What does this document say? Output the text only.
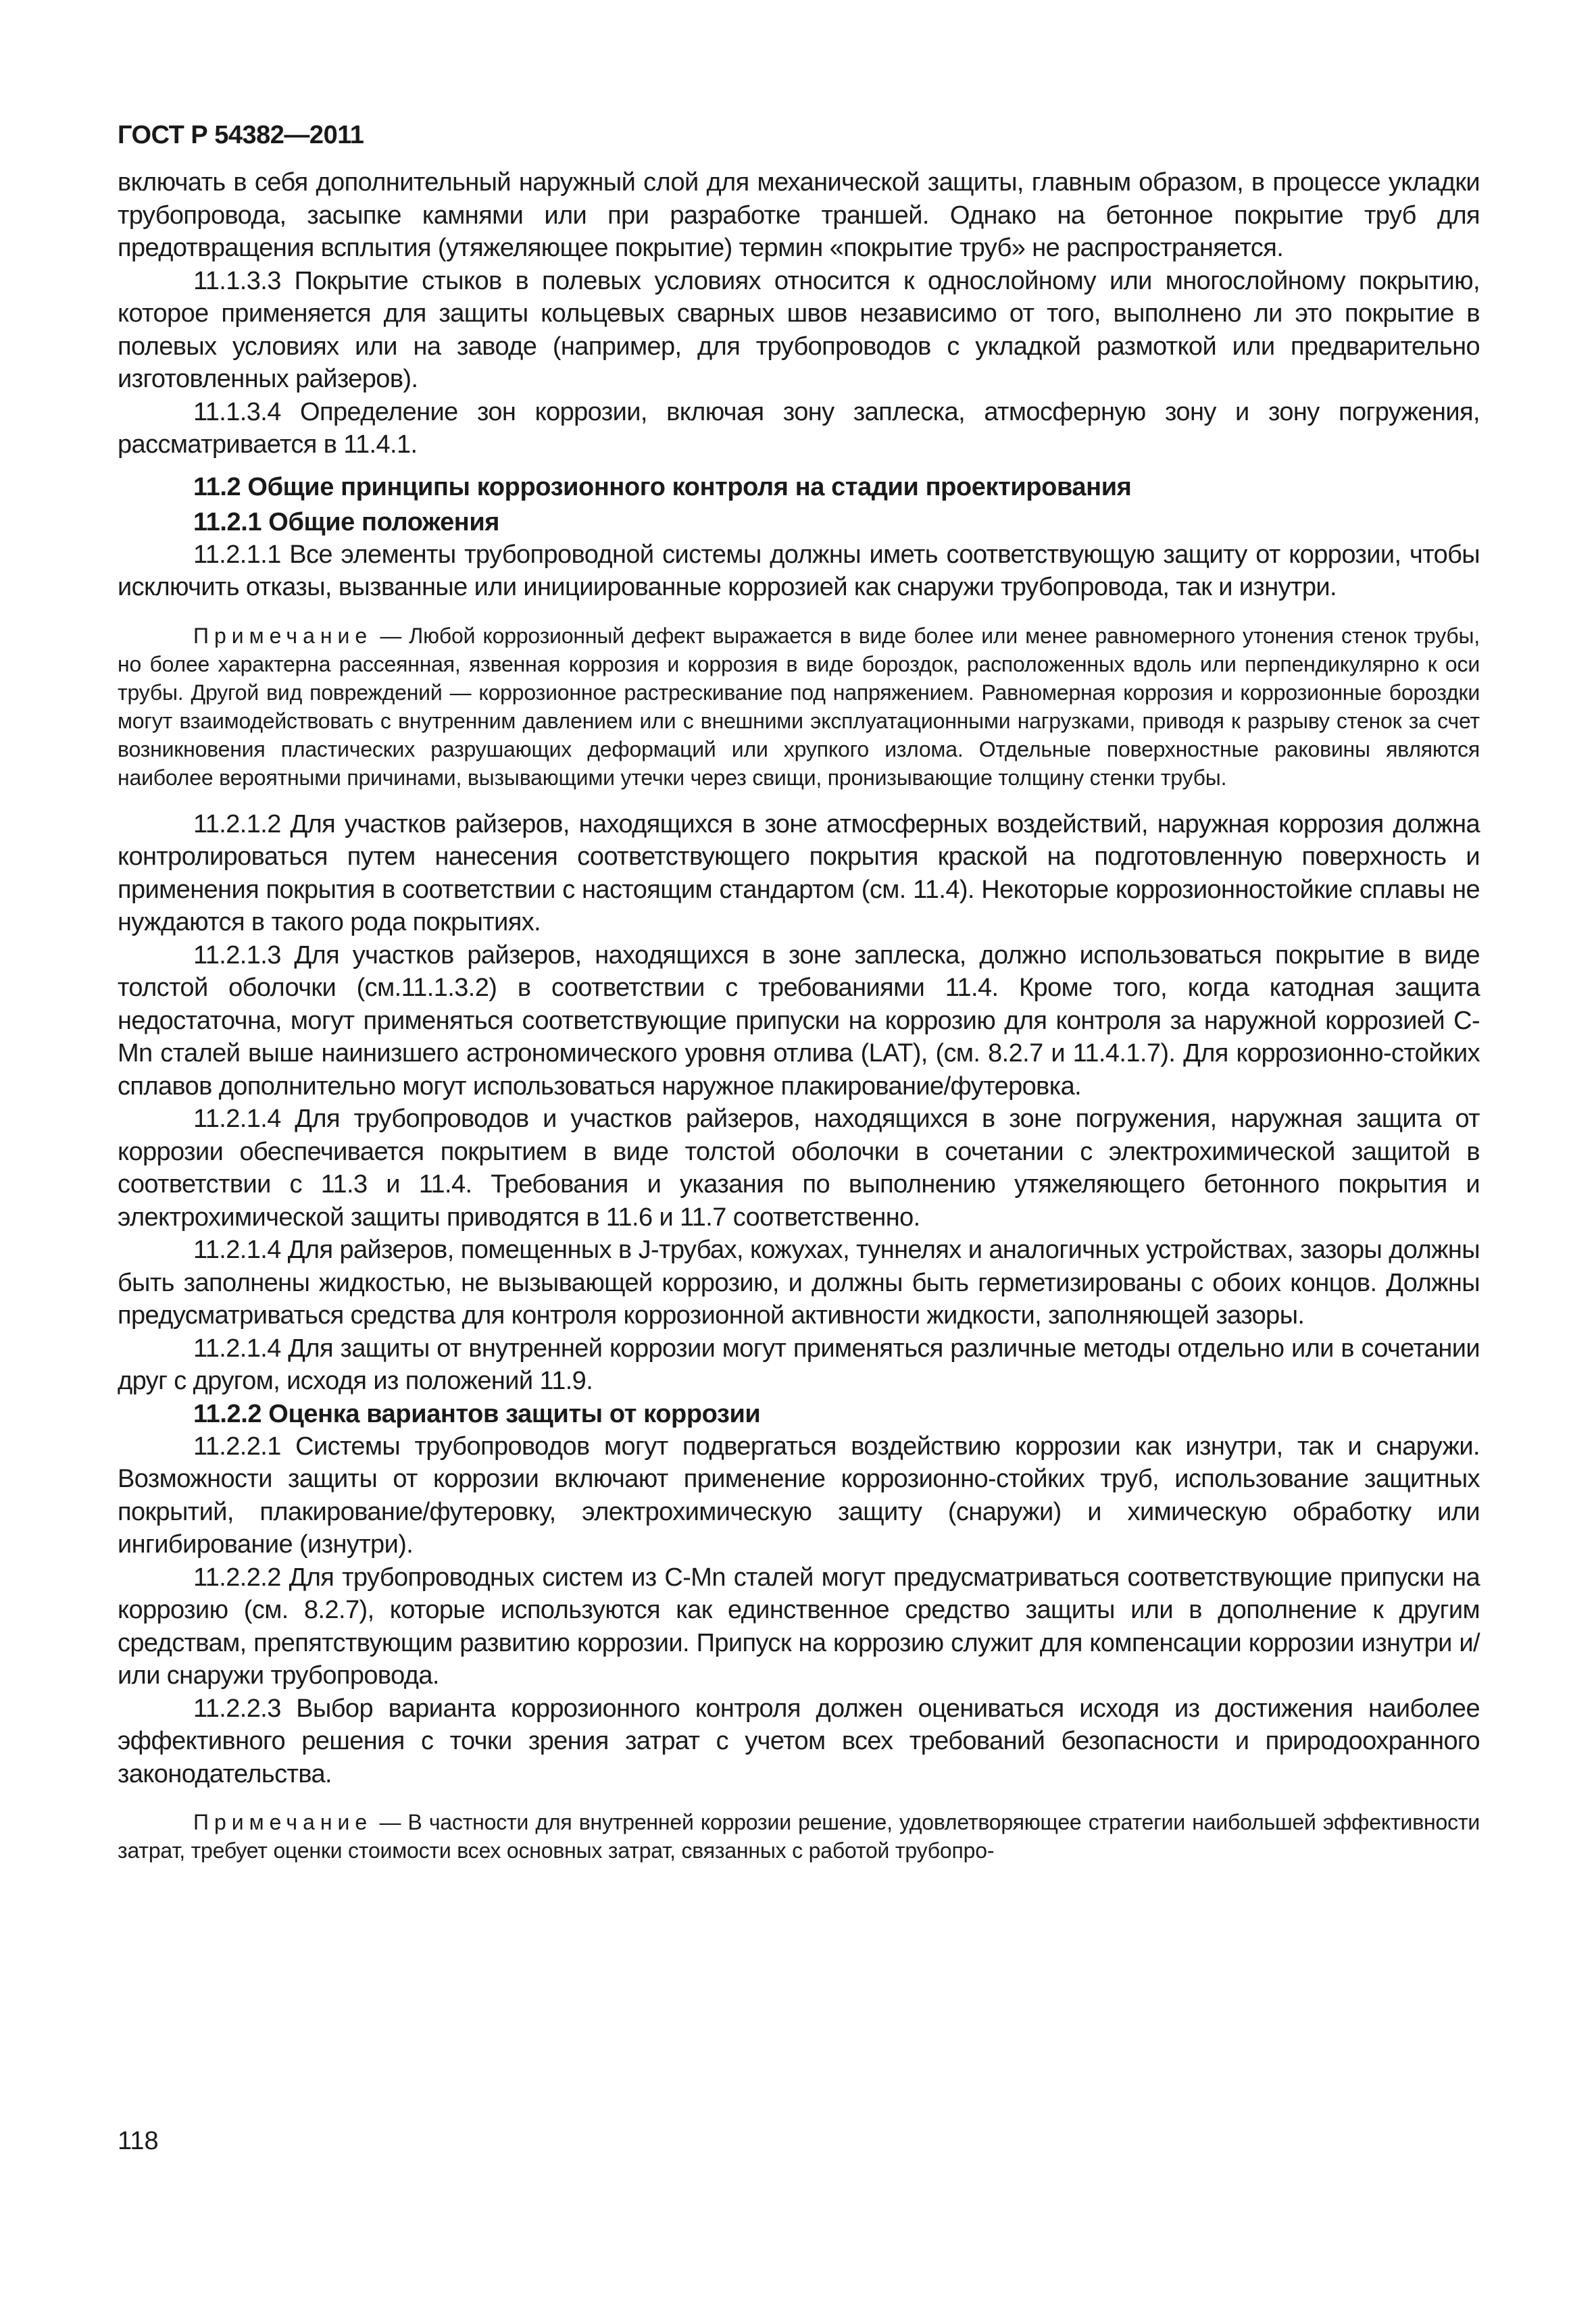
ГОСТ Р 54382—2011

включать в себя дополнительный наружный слой для механической защиты, главным образом, в процессе укладки трубопровода, засыпке камнями или при разработке траншей. Однако на бетонное покрытие труб для предотвращения всплытия (утяжеляющее покрытие) термин «покрытие труб» не распространяется.

11.1.3.3 Покрытие стыков в полевых условиях относится к однослойному или многослойному покрытию, которое применяется для защиты кольцевых сварных швов независимо от того, выполнено ли это покрытие в полевых условиях или на заводе (например, для трубопроводов с укладкой размоткой или предварительно изготовленных райзеров).

11.1.3.4 Определение зон коррозии, включая зону заплеска, атмосферную зону и зону погружения, рассматривается в 11.4.1.

11.2 Общие принципы коррозионного контроля на стадии проектирования
11.2.1 Общие положения

11.2.1.1 Все элементы трубопроводной системы должны иметь соответствующую защиту от коррозии, чтобы исключить отказы, вызванные или инициированные коррозией как снаружи трубопровода, так и изнутри.

Примечание — Любой коррозионный дефект выражается в виде более или менее равномерного утонения стенок трубы, но более характерна рассеянная, язвенная коррозия и коррозия в виде бороздок, расположенных вдоль или перпендикулярно к оси трубы. Другой вид повреждений — коррозионное растрескивание под напряжением. Равномерная коррозия и коррозионные бороздки могут взаимодействовать с внутренним давлением или с внешними эксплуатационными нагрузками, приводя к разрыву стенок за счет возникновения пластических разрушающих деформаций или хрупкого излома. Отдельные поверхностные раковины являются наиболее вероятными причинами, вызывающими утечки через свищи, пронизывающие толщину стенки трубы.

11.2.1.2 Для участков райзеров, находящихся в зоне атмосферных воздействий, наружная коррозия должна контролироваться путем нанесения соответствующего покрытия краской на подготовленную поверхность и применения покрытия в соответствии с настоящим стандартом (см. 11.4). Некоторые коррозионностойкие сплавы не нуждаются в такого рода покрытиях.

11.2.1.3 Для участков райзеров, находящихся в зоне заплеска, должно использоваться покрытие в виде толстой оболочки (см.11.1.3.2) в соответствии с требованиями 11.4. Кроме того, когда катодная защита недостаточна, могут применяться соответствующие припуски на коррозию для контроля за наружной коррозией C-Mn сталей выше наинизшего астрономического уровня отлива (LAT), (см. 8.2.7 и 11.4.1.7). Для коррозионно-стойких сплавов дополнительно могут использоваться наружное плакирование/футеровка.

11.2.1.4 Для трубопроводов и участков райзеров, находящихся в зоне погружения, наружная защита от коррозии обеспечивается покрытием в виде толстой оболочки в сочетании с электрохимической защитой в соответствии с 11.3 и 11.4. Требования и указания по выполнению утяжеляющего бетонного покрытия и электрохимической защиты приводятся в 11.6 и 11.7 соответственно.

11.2.1.4 Для райзеров, помещенных в J-трубах, кожухах, туннелях и аналогичных устройствах, зазоры должны быть заполнены жидкостью, не вызывающей коррозию, и должны быть герметизированы с обоих концов. Должны предусматриваться средства для контроля коррозионной активности жидкости, заполняющей зазоры.

11.2.1.4 Для защиты от внутренней коррозии могут применяться различные методы отдельно или в сочетании друг с другом, исходя из положений 11.9.

11.2.2 Оценка вариантов защиты от коррозии

11.2.2.1 Системы трубопроводов могут подвергаться воздействию коррозии как изнутри, так и снаружи. Возможности защиты от коррозии включают применение коррозионно-стойких труб, использование защитных покрытий, плакирование/футеровку, электрохимическую защиту (снаружи) и химическую обработку или ингибирование (изнутри).

11.2.2.2 Для трубопроводных систем из C-Mn сталей могут предусматриваться соответствующие припуски на коррозию (см. 8.2.7), которые используются как единственное средство защиты или в дополнение к другим средствам, препятствующим развитию коррозии. Припуск на коррозию служит для компенсации коррозии изнутри и/или снаружи трубопровода.

11.2.2.3 Выбор варианта коррозионного контроля должен оцениваться исходя из достижения наиболее эффективного решения с точки зрения затрат с учетом всех требований безопасности и природоохранного законодательства.

Примечание — В частности для внутренней коррозии решение, удовлетворяющее стратегии наибольшей эффективности затрат, требует оценки стоимости всех основных затрат, связанных с работой трубопро-

118
